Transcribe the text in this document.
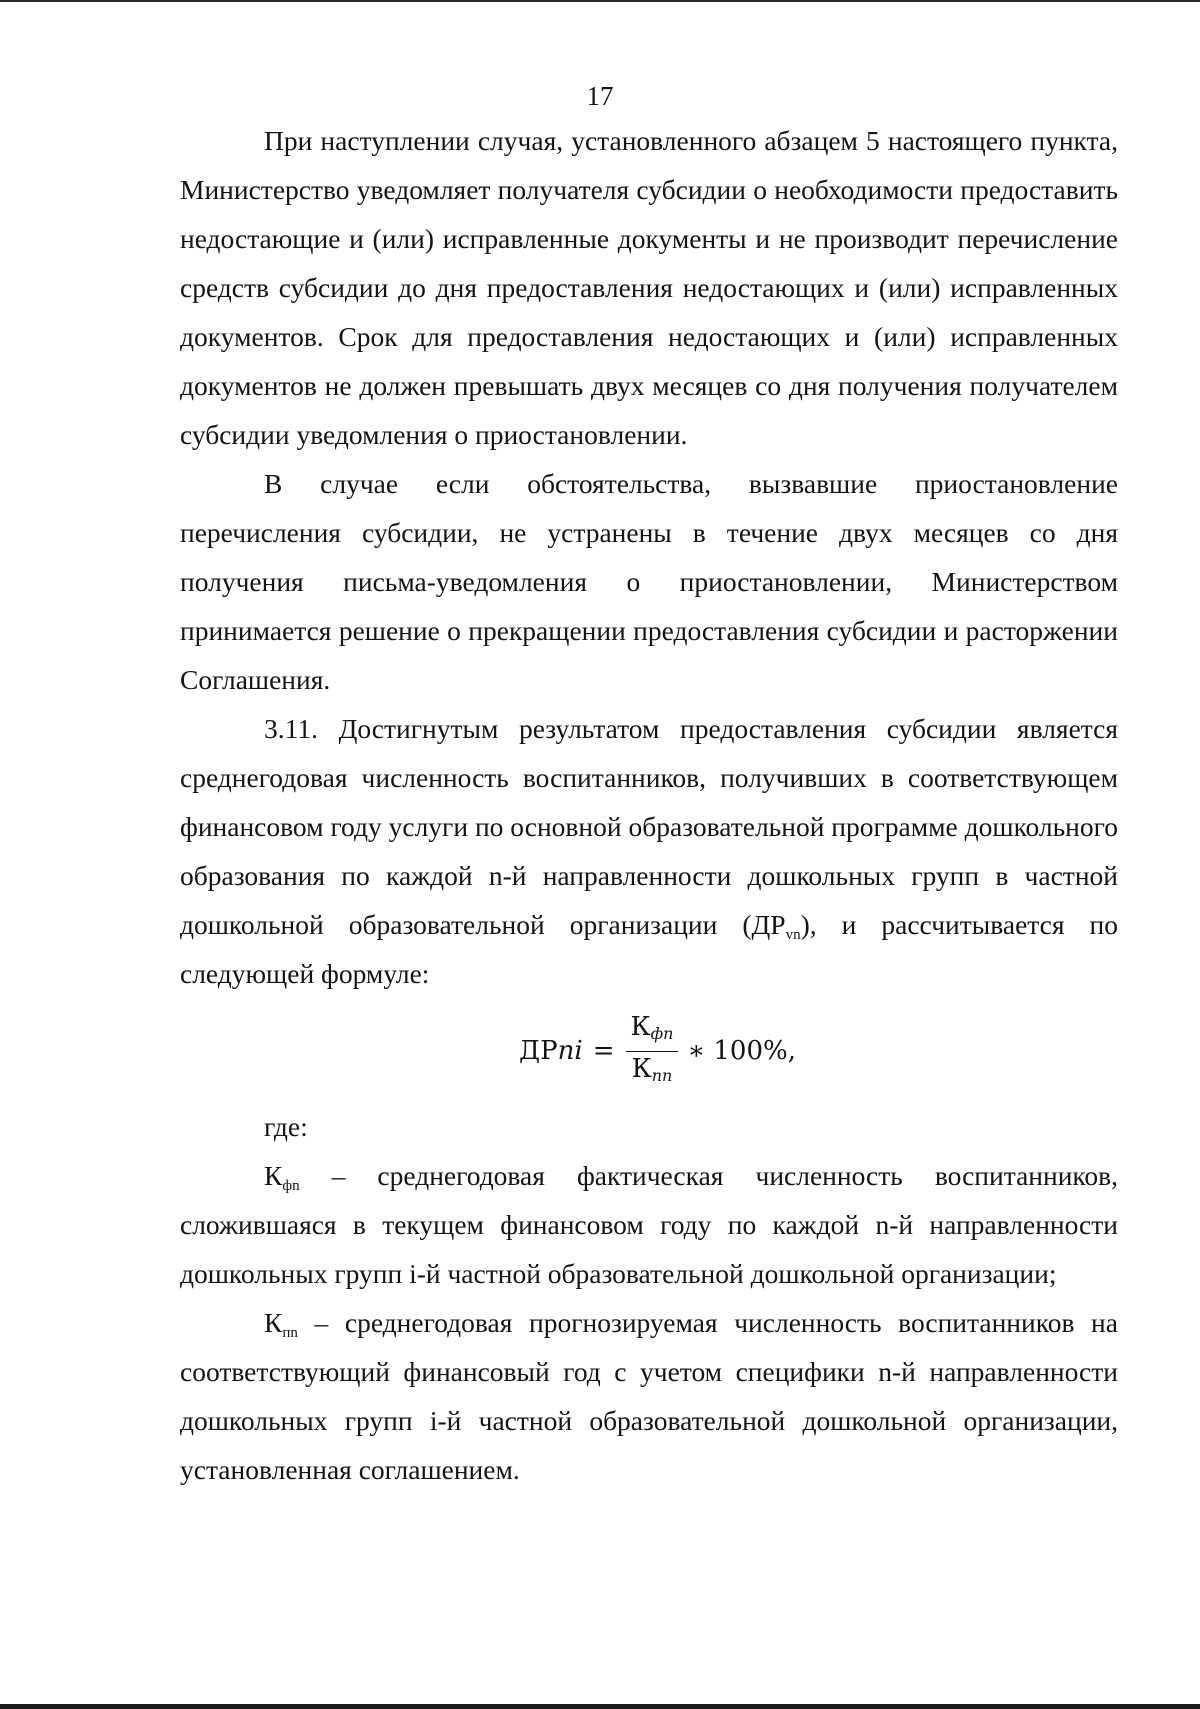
17

При наступлении случая, установленного абзацем 5 настоящего пункта, Министерство уведомляет получателя субсидии о необходимости предоставить недостающие и (или) исправленные документы и не производит перечисление средств субсидии до дня предоставления недостающих и (или) исправленных документов. Срок для предоставления недостающих и (или) исправленных документов не должен превышать двух месяцев со дня получения получателем субсидии уведомления о приостановлении.

В случае если обстоятельства, вызвавшие приостановление перечисления субсидии, не устранены в течение двух месяцев со дня получения письма-уведомления о приостановлении, Министерством принимается решение о прекращении предоставления субсидии и расторжении Соглашения.

3.11. Достигнутым результатом предоставления субсидии является среднегодовая численность воспитанников, получивших в соответствующем финансовом году услуги по основной образовательной программе дошкольного образования по каждой n-й направленности дошкольных групп в частной дошкольной образовательной организации $(ДР_{vn})$, и рассчитывается по следующей формуле:

ДРni = $\frac{\text{Кфn}}{\text{Кпn}}$ ∗ 100%,

где:

$К_{фn}$ – среднегодовая фактическая численность воспитанников, сложившаяся в текущем финансовом году по каждой n-й направленности дошкольных групп i-й частной образовательной дошкольной организации;

$К_{пn}$ – среднегодовая прогнозируемая численность воспитанников на соответствующий финансовый год с учетом специфики n-й направленности дошкольных групп i-й частной образовательной дошкольной организации, установленная соглашением.
